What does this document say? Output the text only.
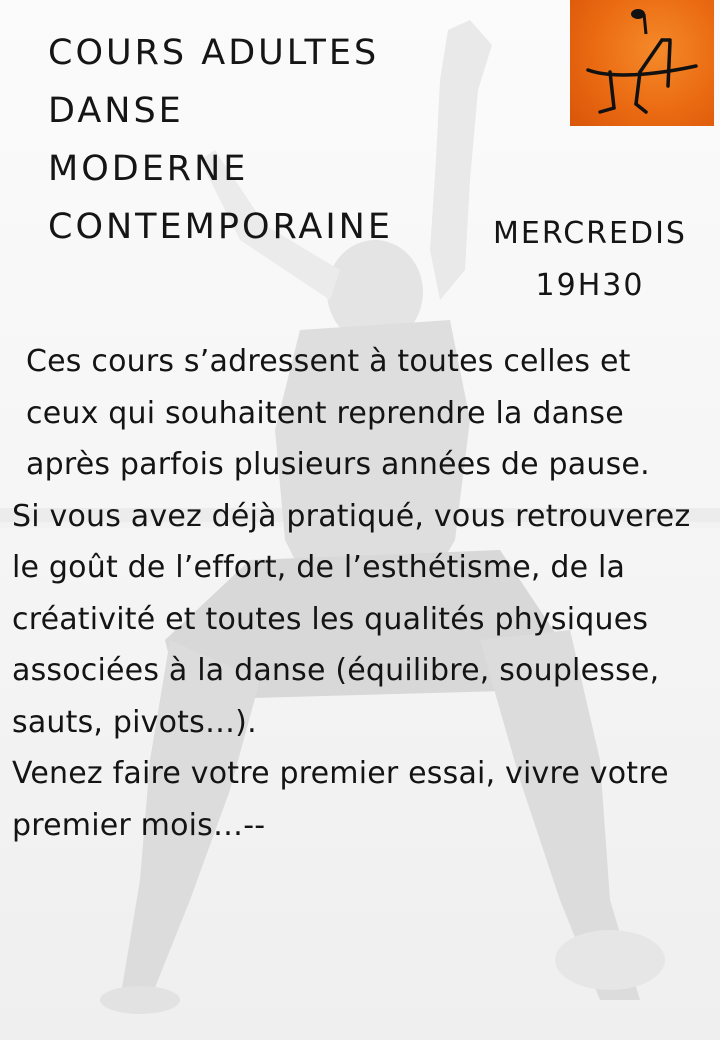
COURS ADULTES
DANSE
MODERNE
CONTEMPORAINE	MERCREDIS
19H30

Ces cours s’adressent à toutes celles et ceux qui souhaitent reprendre la danse après parfois plusieurs années de pause.

Si vous avez déjà pratiqué, vous retrouverez le goût de l’effort, de l’esthétisme, de la créativité et toutes les qualités physiques associées à la danse (équilibre, souplesse, sauts, pivots…).

Venez faire votre premier essai, vivre votre premier mois…--
